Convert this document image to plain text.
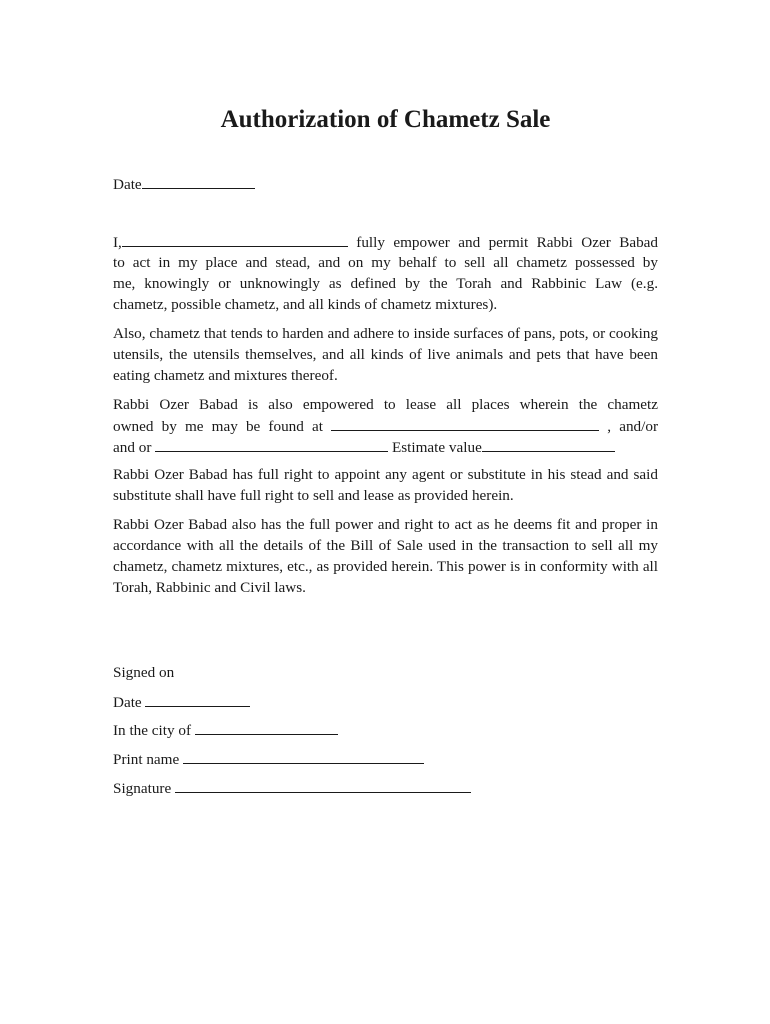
Authorization of Chametz Sale
Date
I,	fully empower and permit Rabbi Ozer Babad
to act in my place and stead, and on my behalf to sell all chametz possessed by
me, knowingly or unknowingly as defined by the Torah and Rabbinic Law (e.g.
chametz, possible chametz, and all kinds of chametz mixtures).

Also, chametz that tends to harden and adhere to inside surfaces of pans, pots, or cooking utensils, the utensils themselves, and all kinds of live animals and pets that have been eating chametz and mixtures thereof.

Rabbi Ozer Babad is also empowered to lease all places wherein the chametz
owned by me may be found at	, and/or
and or	Estimate value

Rabbi Ozer Babad has full right to appoint any agent or substitute in his stead and said substitute shall have full right to sell and lease as provided herein.

Rabbi Ozer Babad also has the full power and right to act as he deems fit and proper in accordance with all the details of the Bill of Sale used in the transaction to sell all my chametz, chametz mixtures, etc., as provided herein. This power is in conformity with all Torah, Rabbinic and Civil laws.

Signed on
Date
In the city of
Print name
Signature
